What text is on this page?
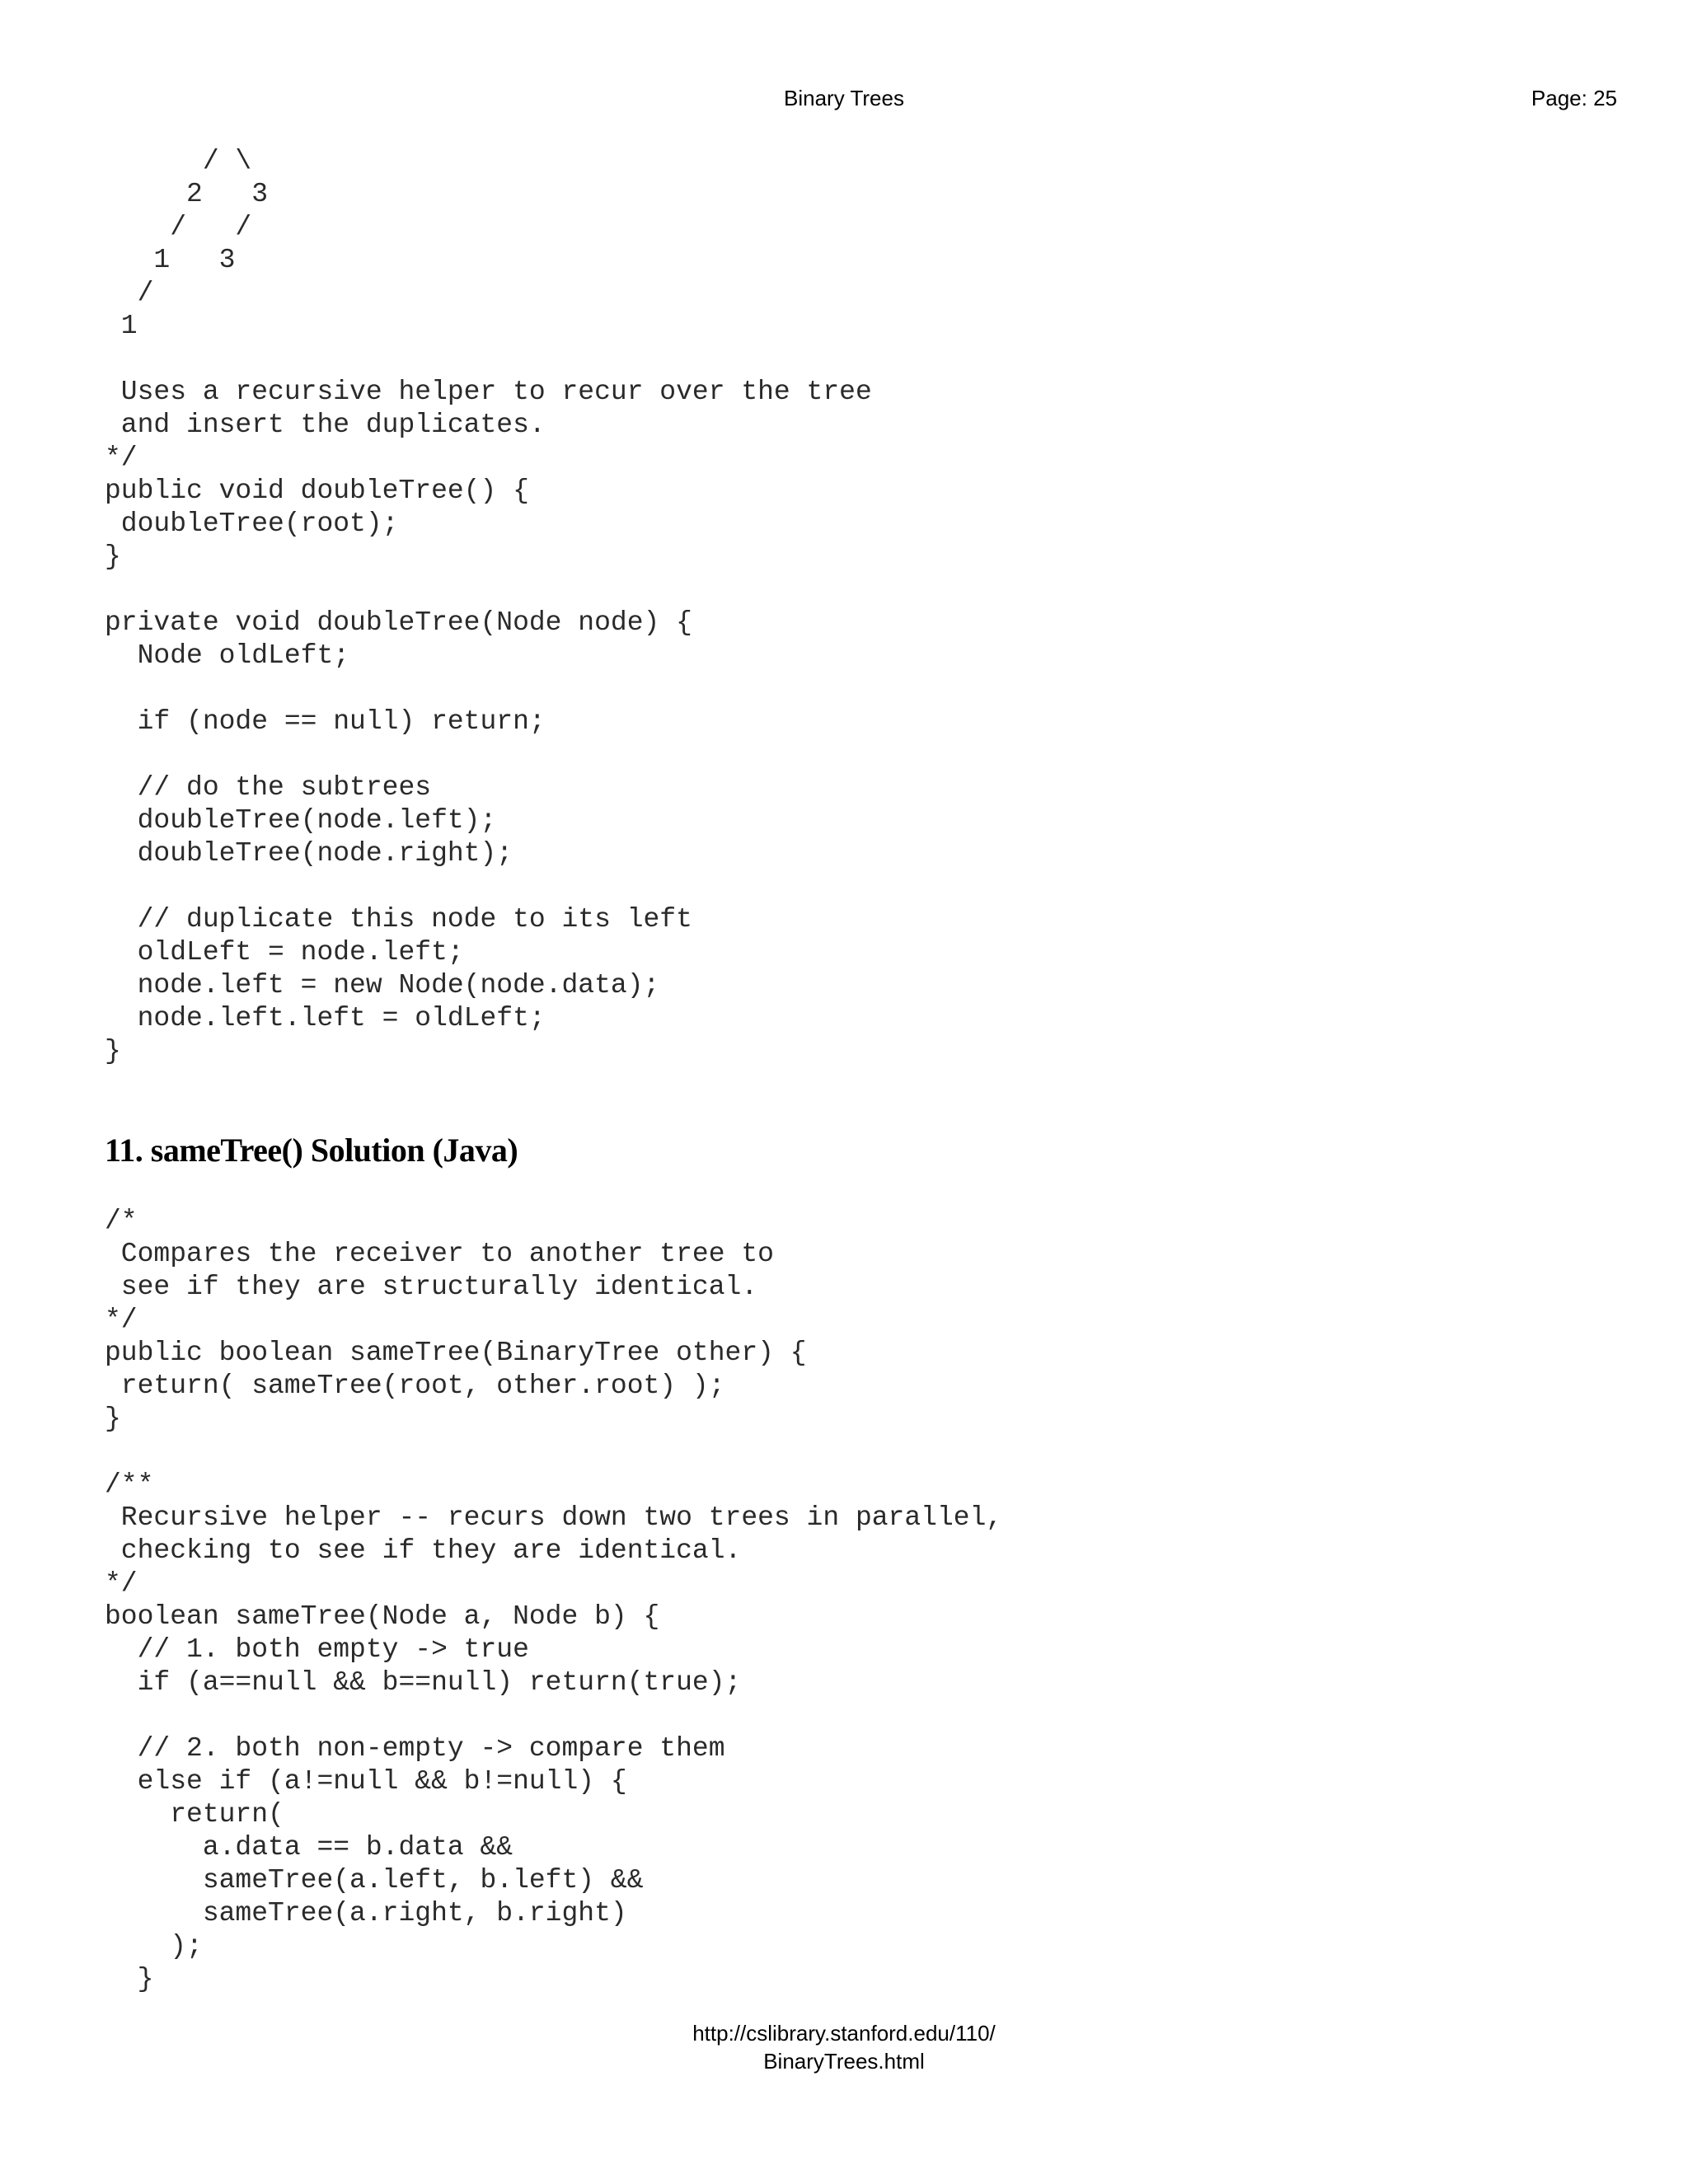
Binary Trees	Page: 25
/ \
2   3
/   /
1   3
/
1

Uses a recursive helper to recur over the tree
and insert the duplicates.
*/
public void doubleTree() {
doubleTree(root);
}

private void doubleTree(Node node) {
Node oldLeft;

if (node == null) return;

// do the subtrees
doubleTree(node.left);
doubleTree(node.right);

// duplicate this node to its left
oldLeft = node.left;
node.left = new Node(node.data);
node.left.left = oldLeft;
}
11. sameTree() Solution (Java)
/*
Compares the receiver to another tree to
see if they are structurally identical.
*/
public boolean sameTree(BinaryTree other) {
return( sameTree(root, other.root) );
}

/**
Recursive helper -- recurs down two trees in parallel,
checking to see if they are identical.
*/
boolean sameTree(Node a, Node b) {
// 1. both empty -> true
if (a==null && b==null) return(true);

// 2. both non-empty -> compare them
else if (a!=null && b!=null) {
return(
a.data == b.data &&
sameTree(a.left, b.left) &&
sameTree(a.right, b.right)
);
}
http://cslibrary.stanford.edu/110/
BinaryTrees.html
